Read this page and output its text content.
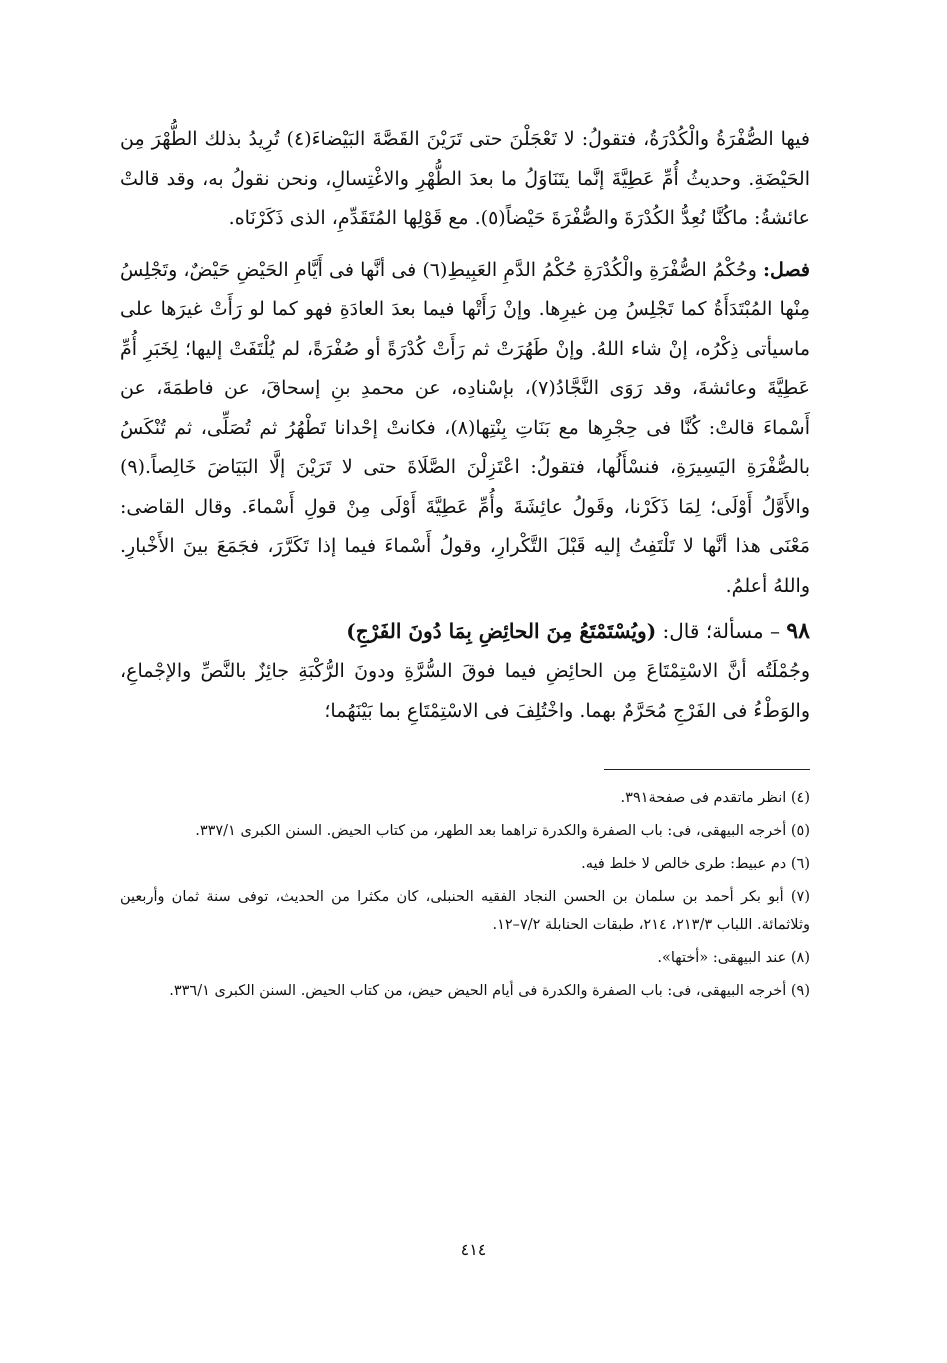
فيها الصُّفْرَةُ والْكُدْرَةُ، فتقولُ: لا تَعْجَلْنَ حتى تَرَيْنَ القَصَّةَ البَيْضاءَ(٤) تُرِيدُ بذلك الطُّهْرَ مِن الحَيْضَةِ. وحديثُ أُمِّ عَطِيَّةَ إنَّما يتَنَاوَلُ ما بعدَ الطُّهْرِ والاغْتِسالِ، ونحن نقولُ به، وقد قالتْ عائشةُ: ماكُنَّا نُعِدُّ الكُدْرَةَ والصُّفْرَةَ حَيْضاً(٥). مع قَوْلِها المُتَقَدِّمِ، الذى ذَكَرْنَاه.

فصل: وحُكْمُ الصُّفْرَةِ والْكُدْرَةِ حُكْمُ الدَّمِ العَبِيطِ(٦) فى أنَّها فى أَيَّامِ الحَيْضِ حَيْضٌ، وتَجْلِسُ مِنْها المُبْتَدَأَةُ كما تَجْلِسُ مِن غيرِها. وإنْ رَأَتْها فيما بعدَ العادَةِ فهو كما لو رَأَتْ غيرَها على ماسيأتى ذِكْرُه، إنْ شاء اللهُ. وإنْ طَهُرَتْ ثم رَأَتْ كُدْرَةً أو صُفْرَةً، لم يُلْتَفَتْ إليها؛ لِخَبَرِ أُمِّ عَطِيَّةَ وعائشةَ، وقد رَوَى النَّجَّادُ(٧)، بإسْنادِه، عن محمدِ بنِ إسحاقَ، عن فاطمَةَ، عن أَسْماءَ قالتْ: كُنَّا فى حِجْرِها مع بَنَاتِ بِنْتِها(٨)، فكانتْ إحْدانا تَطْهُرُ ثم تُصَلِّى، ثم تُنْكَسُ بالصُّفْرَةِ اليَسِيرَةِ، فنسْأَلُها، فتقولُ: اعْتَزِلْنَ الصَّلَاةَ حتى لا تَرَيْنَ إلَّا البَيَاضَ خَالِصاً.(٩) والأَوَّلُ أَوْلَى؛ لِمَا ذَكَرْنا، وقَولُ عائِشَةَ وأُمِّ عَطِيَّةَ أَوْلَى مِنْ قولِ أَسْماءَ. وقال القاضى: مَعْنَى هذا أنَّها لا تَلْتَفِتُ إليه قَبْلَ التَّكْرارِ، وقولُ أَسْماءَ فيما إذا تَكَرَّرَ، فجَمَعَ بينَ الأَخْبارِ. واللهُ أعلمُ.

٩٨ – مسألة؛ قال: (ويُسْتَمْتَعُ مِنَ الحائِضِ بِمَا دُونَ الفَرْجِ)

وجُمْلَتُه أنَّ الاسْتِمْتَاعَ مِن الحائِضِ فيما فوقَ السُّرَّةِ ودونَ الرُّكْبَةِ جائِزٌ بالنَّصِّ والإجْماعِ، والوَطْءُ فى الفَرْجِ مُحَرَّمٌ بهما. واخْتُلِفَ فى الاسْتِمْتَاعِ بما بَيْنَهُما؛

(٤) انظر ماتقدم فى صفحة٣٩١.

(٥) أخرجه البيهقى، فى: باب الصفرة والكدرة تراهما بعد الطهر، من كتاب الحيض. السنن الكبرى ٣٣٧/١.

(٦) دم عبيط: طرى خالص لا خلط فيه.

(٧) أبو بكر أحمد بن سلمان بن الحسن النجاد الفقيه الحنبلى، كان مكثرا من الحديث، توفى سنة ثمان وأربعين وثلاثمائة. اللباب ٢١٣/٣، ٢١٤، طبقات الحنابلة ٧/٢–١٢.

(٨) عند البيهقى: «أختها».

(٩) أخرجه البيهقى، فى: باب الصفرة والكدرة فى أيام الحيض حيض، من كتاب الحيض. السنن الكبرى ٣٣٦/١.

٤١٤
